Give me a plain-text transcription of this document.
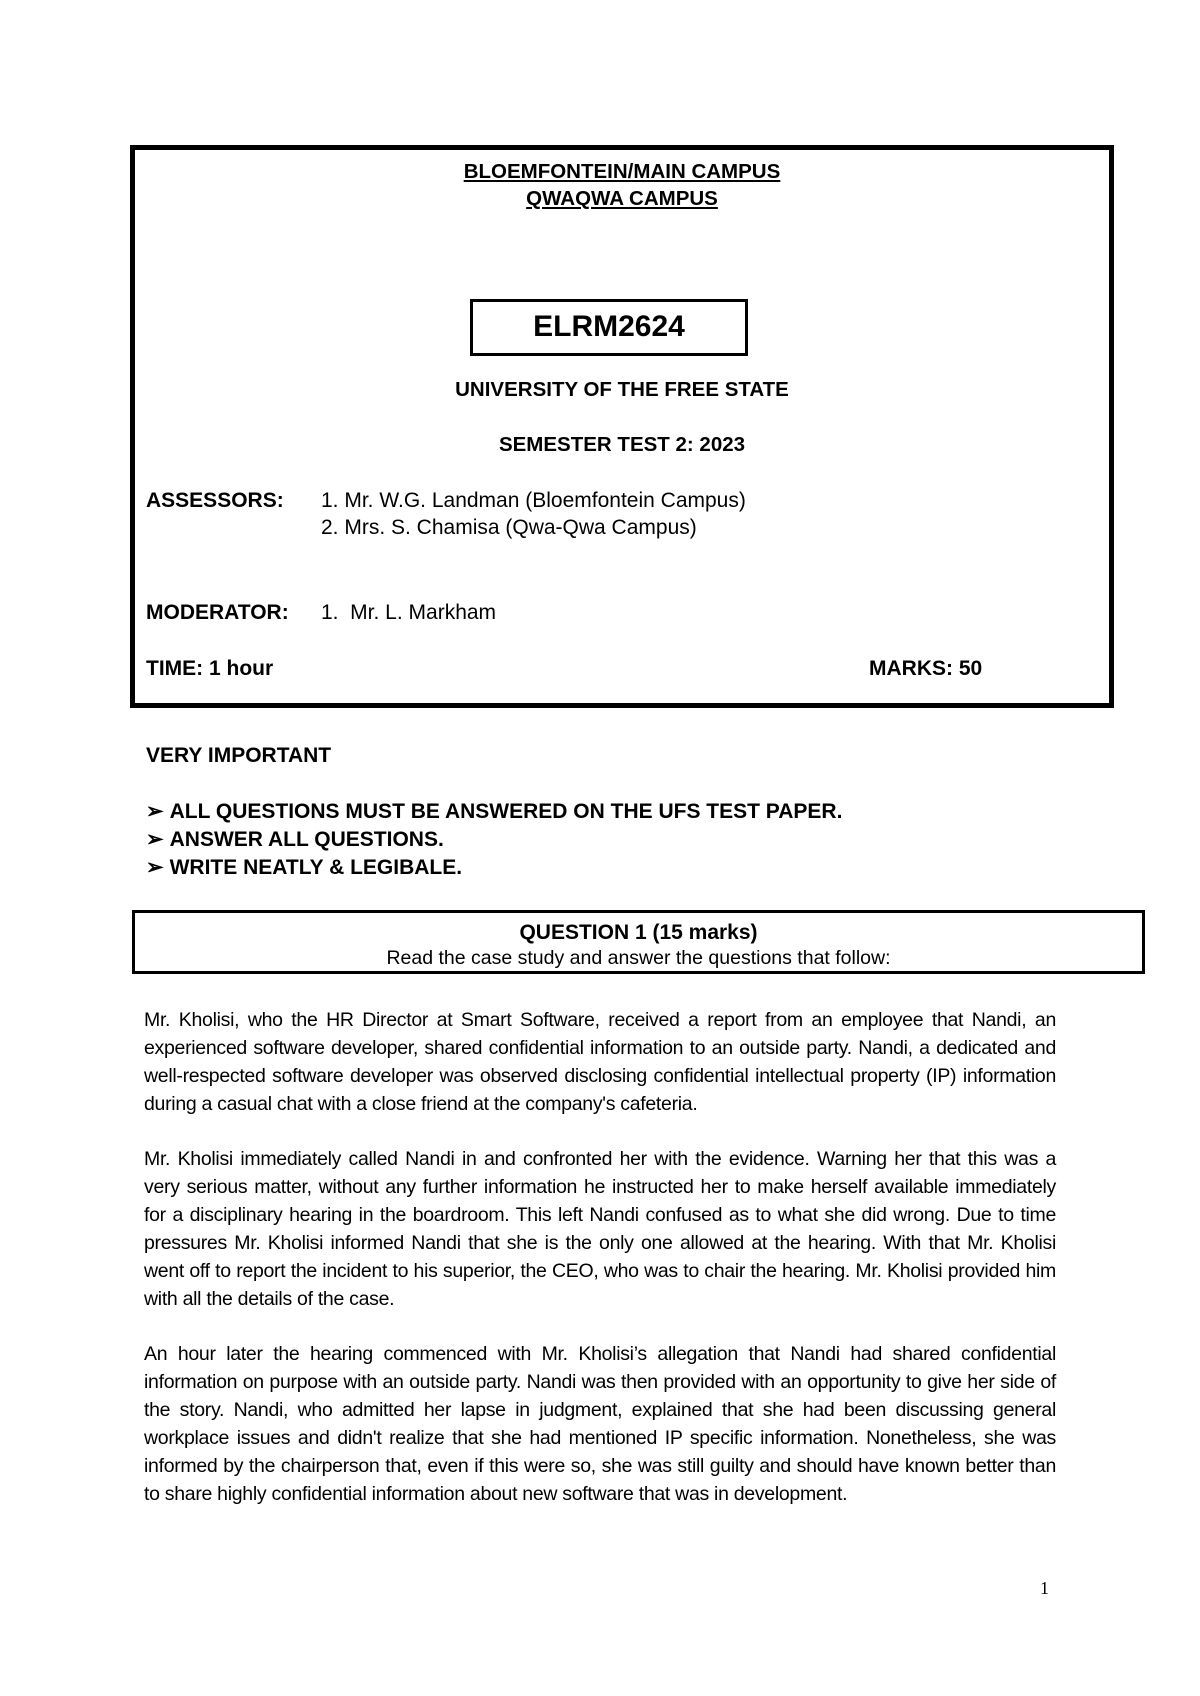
BLOEMFONTEIN/MAIN CAMPUS
QWAQWA CAMPUS
UNIVERSITY OF THE FREE STATE
SEMESTER TEST 2: 2023
ASSESSORS: 1. Mr. W.G. Landman (Bloemfontein Campus)
2. Mrs. S. Chamisa (Qwa-Qwa Campus)
MODERATOR: 1.  Mr. L. Markham
TIME: 1 hour	MARKS: 50
ELRM2624
VERY IMPORTANT
➢ ALL QUESTIONS MUST BE ANSWERED ON THE UFS TEST PAPER.
➢ ANSWER ALL QUESTIONS.
➢ WRITE NEATLY & LEGIBALE.
QUESTION 1 (15 marks)
Read the case study and answer the questions that follow:

Mr. Kholisi, who the HR Director at Smart Software, received a report from an employee that Nandi, an experienced software developer, shared confidential information to an outside party. Nandi, a dedicated and well-respected software developer was observed disclosing confidential intellectual property (IP) information during a casual chat with a close friend at the company's cafeteria.

Mr. Kholisi immediately called Nandi in and confronted her with the evidence. Warning her that this was a very serious matter, without any further information he instructed her to make herself available immediately for a disciplinary hearing in the boardroom. This left Nandi confused as to what she did wrong. Due to time pressures Mr. Kholisi informed Nandi that she is the only one allowed at the hearing. With that Mr. Kholisi went off to report the incident to his superior, the CEO, who was to chair the hearing. Mr. Kholisi provided him with all the details of the case.

An hour later the hearing commenced with Mr. Kholisi’s allegation that Nandi had shared confidential information on purpose with an outside party. Nandi was then provided with an opportunity to give her side of the story. Nandi, who admitted her lapse in judgment, explained that she had been discussing general workplace issues and didn't realize that she had mentioned IP specific information. Nonetheless, she was informed by the chairperson that, even if this were so, she was still guilty and should have known better than to share highly confidential information about new software that was in development.

1
